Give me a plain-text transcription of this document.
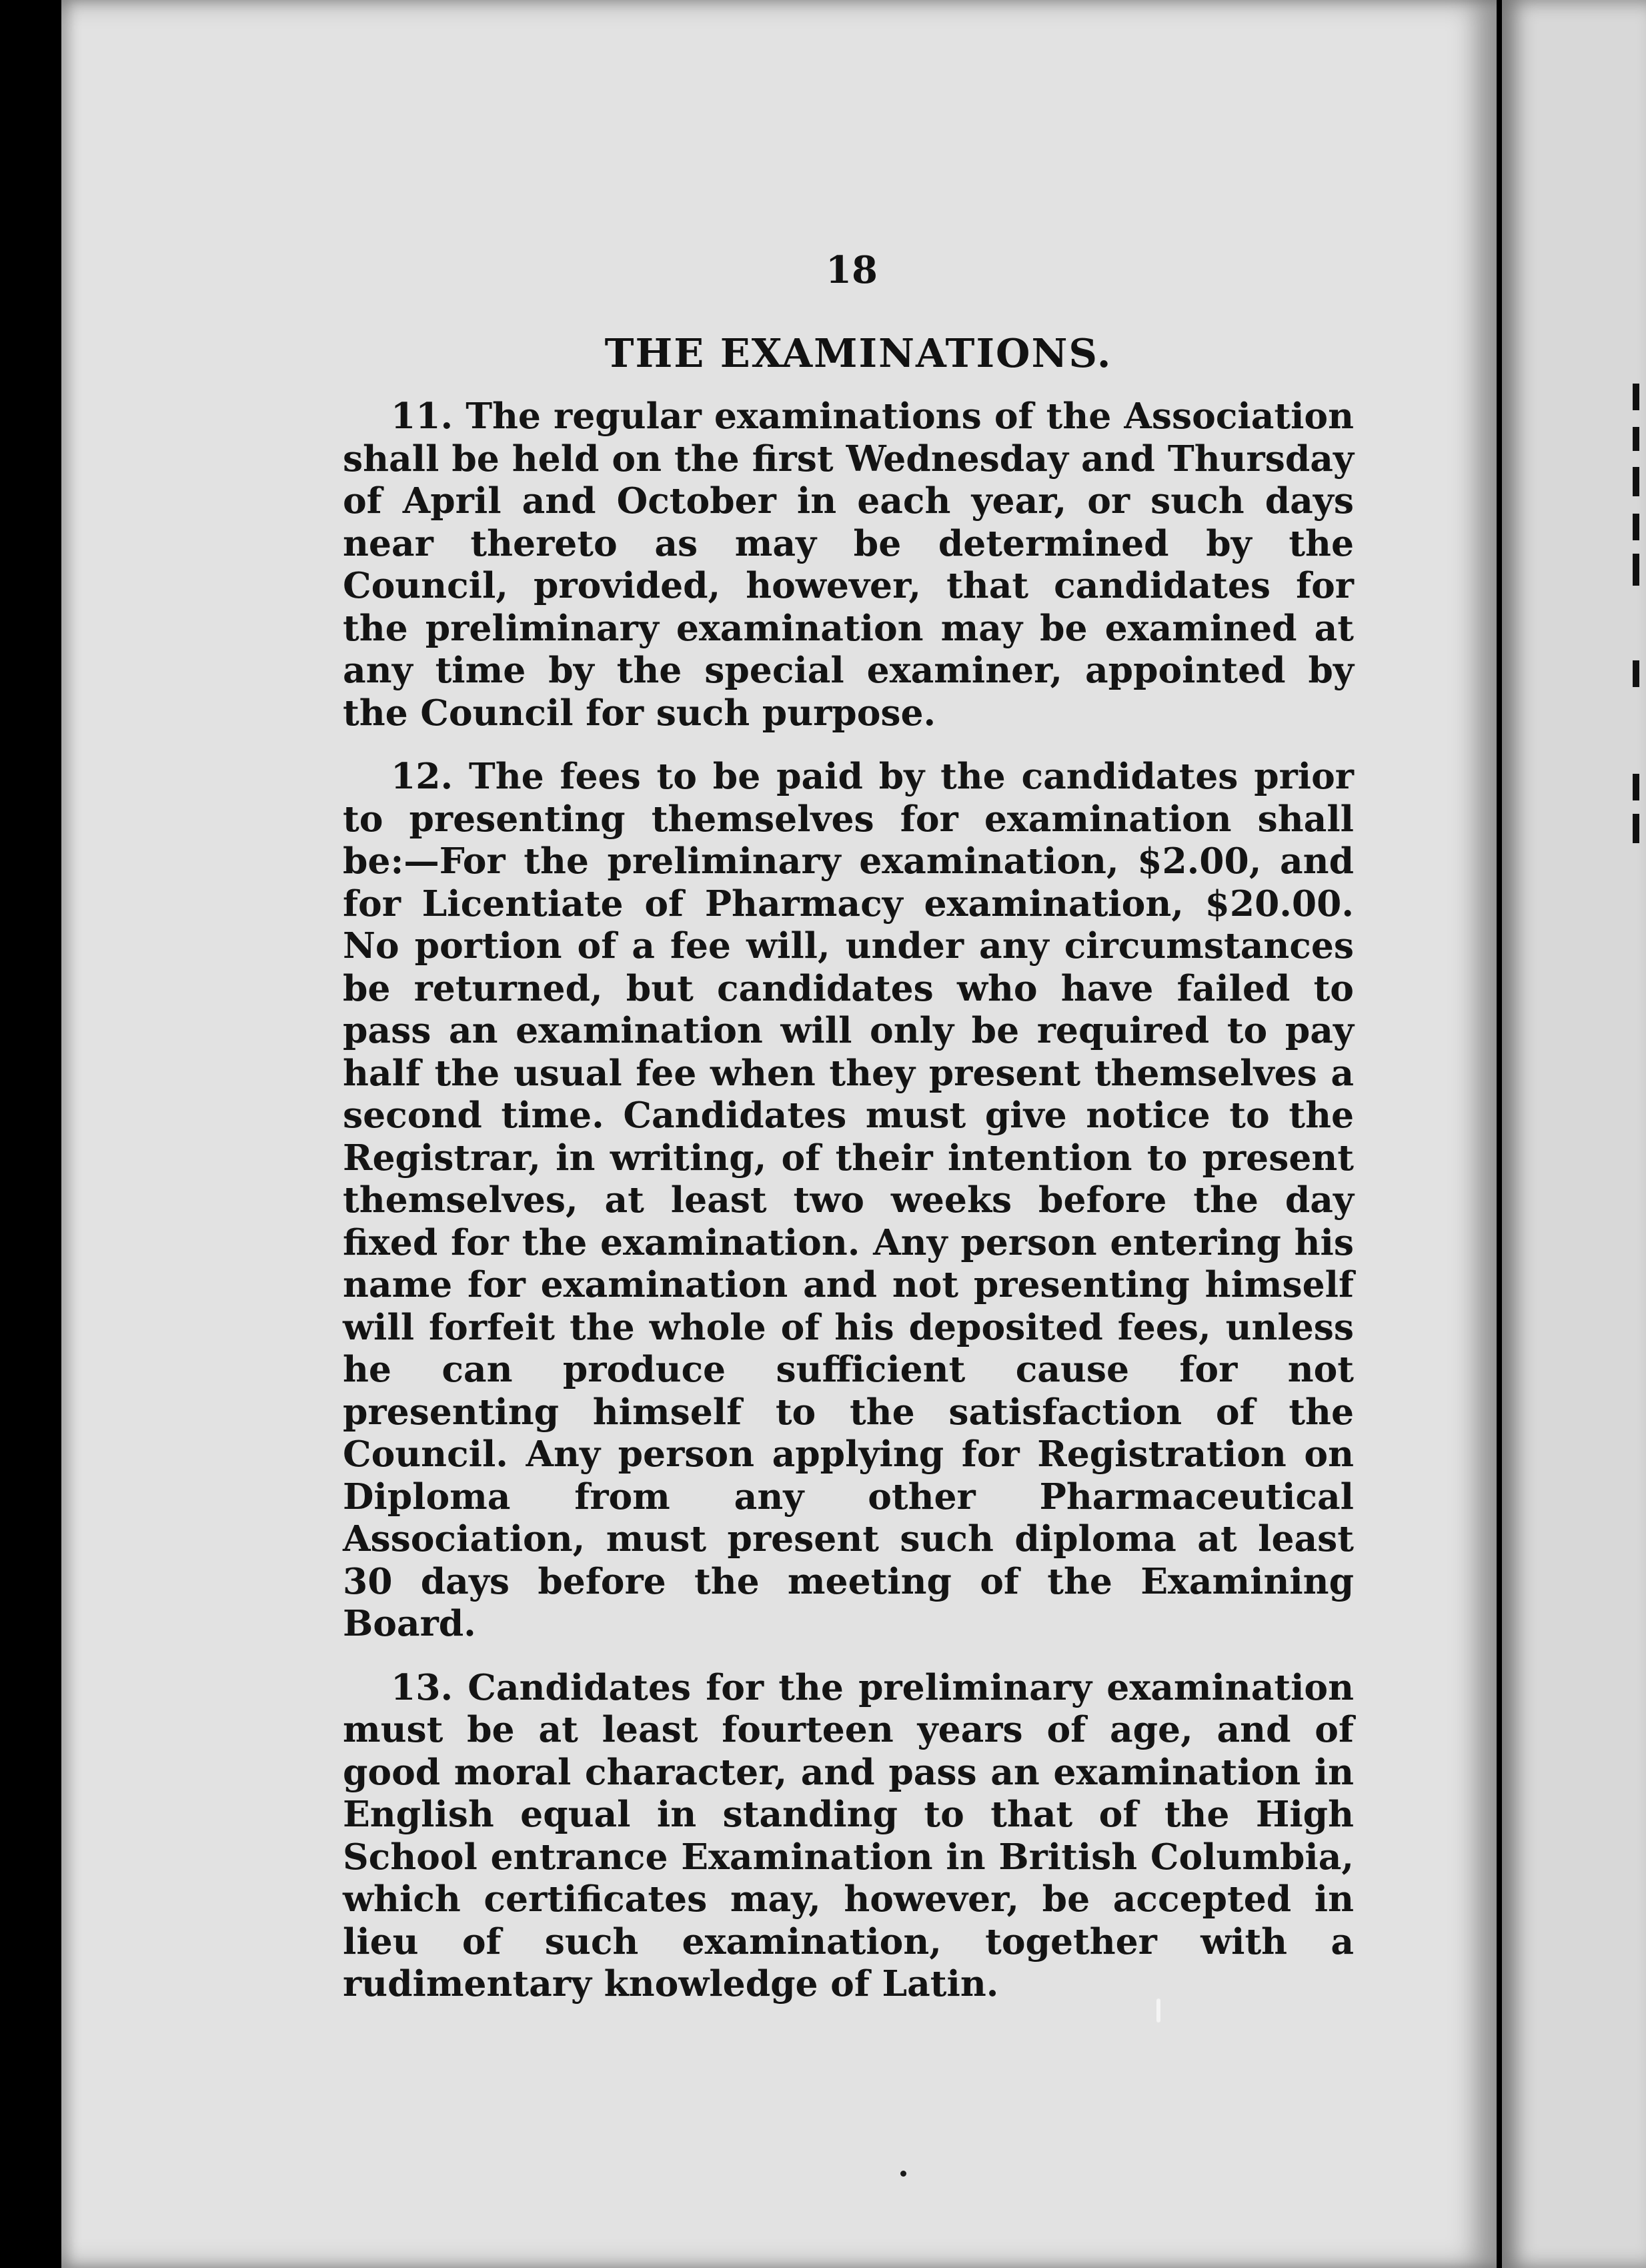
18
THE EXAMINATIONS.

11. The regular examinations of the Association shall be held on the first Wednesday and Thursday of April and October in each year, or such days near thereto as may be determined by the Council, provided, however, that candidates for the preliminary examination may be examined at any time by the special examiner, appointed by the Council for such purpose.

12. The fees to be paid by the candidates prior to presenting themselves for examination shall be:—For the preliminary examination, $2.00, and for Licentiate of Pharmacy examination, $20.00. No portion of a fee will, under any circumstances be returned, but candidates who have failed to pass an examination will only be required to pay half the usual fee when they present themselves a second time. Candidates must give notice to the Registrar, in writing, of their intention to present themselves, at least two weeks before the day fixed for the examination. Any person entering his name for examination and not presenting himself will forfeit the whole of his deposited fees, unless he can produce sufficient cause for not presenting himself to the satisfaction of the Council. Any person applying for Registration on Diploma from any other Pharmaceutical Association, must present such diploma at least 30 days before the meeting of the Examining Board.

13. Candidates for the preliminary examination must be at least fourteen years of age, and of good moral character, and pass an examination in English equal in standing to that of the High School entrance Examination in British Columbia, which certificates may, however, be accepted in lieu of such examination, together with a rudimentary knowledge of Latin.
